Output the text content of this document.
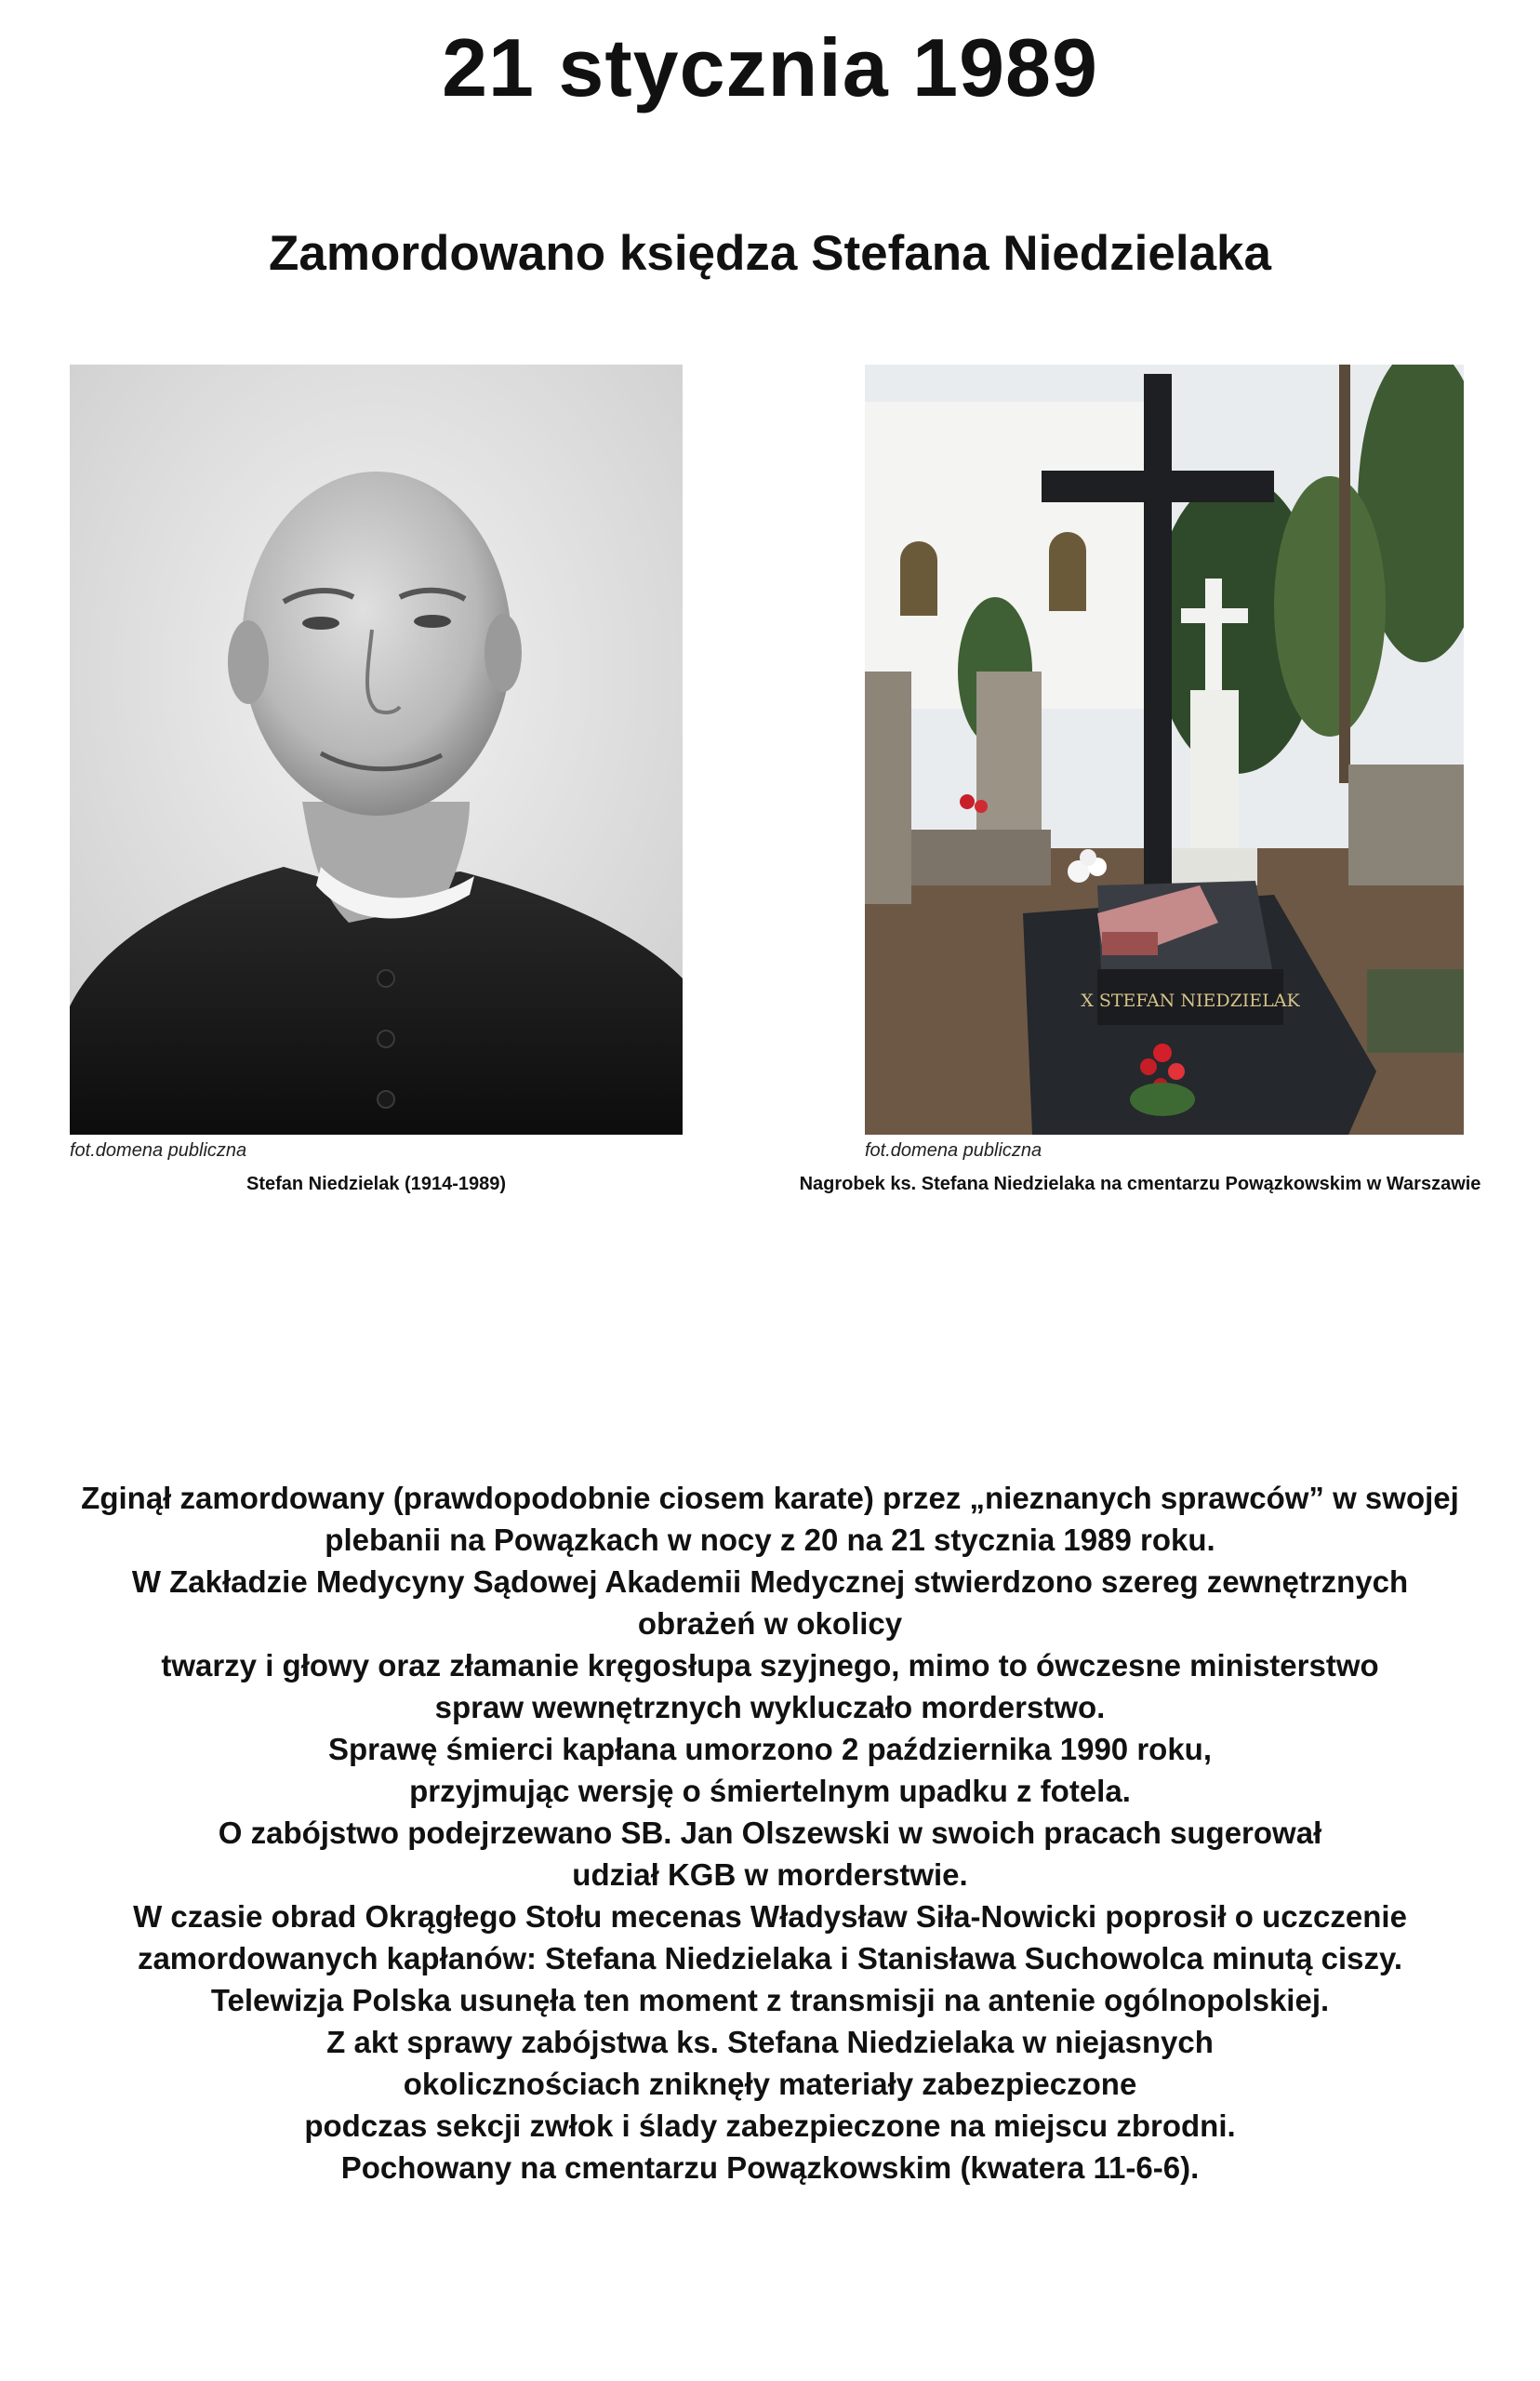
21 stycznia 1989
Zamordowano księdza Stefana Niedzielaka
X STEFAN NIEDZIELAK
fot.domena publiczna
Stefan Niedzielak (1914-1989)
fot.domena publiczna
Nagrobek ks. Stefana Niedzielaka na cmentarzu Powązkowskim w Warszawie
Zginął zamordowany (prawdopodobnie ciosem karate) przez „nieznanych sprawców” w swojej
plebanii na Powązkach w nocy z 20 na 21 stycznia 1989 roku.
W Zakładzie Medycyny Sądowej Akademii Medycznej stwierdzono szereg zewnętrznych
obrażeń w okolicy
twarzy i głowy oraz złamanie kręgosłupa szyjnego, mimo to ówczesne ministerstwo
spraw wewnętrznych wykluczało morderstwo.
Sprawę śmierci kapłana umorzono 2 października 1990 roku,
przyjmując wersję o śmiertelnym upadku z fotela.
O zabójstwo podejrzewano SB. Jan Olszewski w swoich pracach sugerował
udział KGB w morderstwie.
W czasie obrad Okrągłego Stołu mecenas Władysław Siła-Nowicki poprosił o uczczenie
zamordowanych kapłanów: Stefana Niedzielaka i Stanisława Suchowolca minutą ciszy.
Telewizja Polska usunęła ten moment z transmisji na antenie ogólnopolskiej.
Z akt sprawy zabójstwa ks. Stefana Niedzielaka w niejasnych
okolicznościach zniknęły materiały zabezpieczone
podczas sekcji zwłok i ślady zabezpieczone na miejscu zbrodni.
Pochowany na cmentarzu Powązkowskim (kwatera 11-6-6).
